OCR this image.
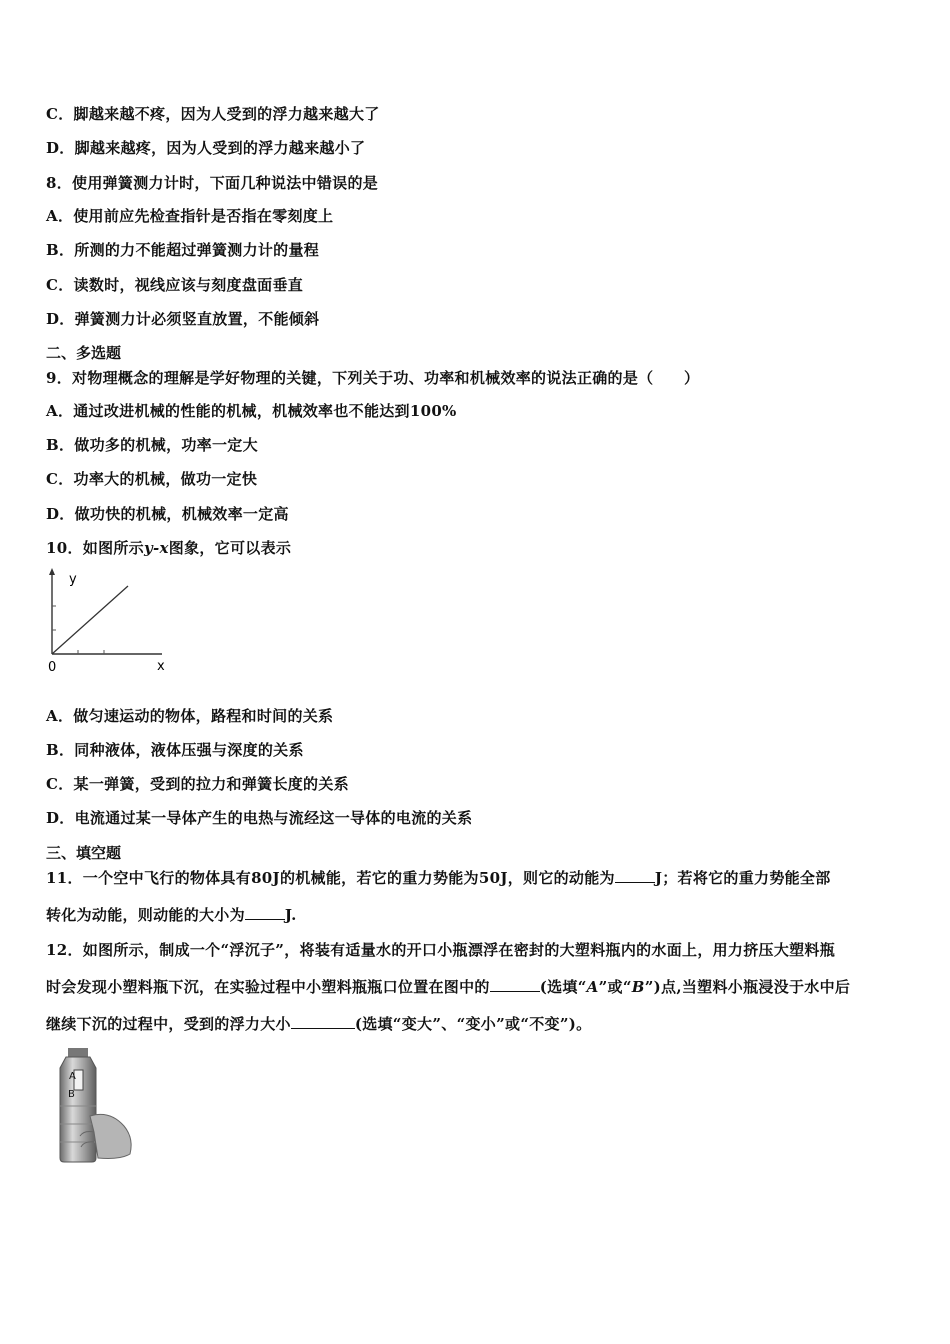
C．脚越来越不疼，因为人受到的浮力越来越大了
D．脚越来越疼，因为人受到的浮力越来越小了
8．使用弹簧测力计时，下面几种说法中错误的是
A．使用前应先检查指针是否指在零刻度上
B．所测的力不能超过弹簧测力计的量程
C．读数时，视线应该与刻度盘面垂直
D．弹簧测力计必须竖直放置，不能倾斜
二、多选题
9．对物理概念的理解是学好物理的关键，下列关于功、功率和机械效率的说法正确的是（　　）
A．通过改进机械的性能的机械，机械效率也不能达到100%
B．做功多的机械，功率一定大
C．功率大的机械，做功一定快
D．做功快的机械，机械效率一定高
10．如图所示y-x图象，它可以表示
y
x
0
A．做匀速运动的物体，路程和时间的关系
B．同种液体，液体压强与深度的关系
C．某一弹簧，受到的拉力和弹簧长度的关系
D．电流通过某一导体产生的电热与流经这一导体的电流的关系
三、填空题
11．一个空中飞行的物体具有80J的机械能，若它的重力势能为50J，则它的动能为	J；若将它的重力势能全部
转化为动能，则动能的大小为	J.
12．如图所示，制成一个“浮沉子”，将装有适量水的开口小瓶漂浮在密封的大塑料瓶内的水面上，用力挤压大塑料瓶
时会发现小塑料瓶下沉，在实验过程中小塑料瓶瓶口位置在图中的	(选填“A”或“B”)点,当塑料小瓶浸没于水中后
继续下沉的过程中，受到的浮力大小	(选填“变大”、“变小”或“不变”)。
A
B
